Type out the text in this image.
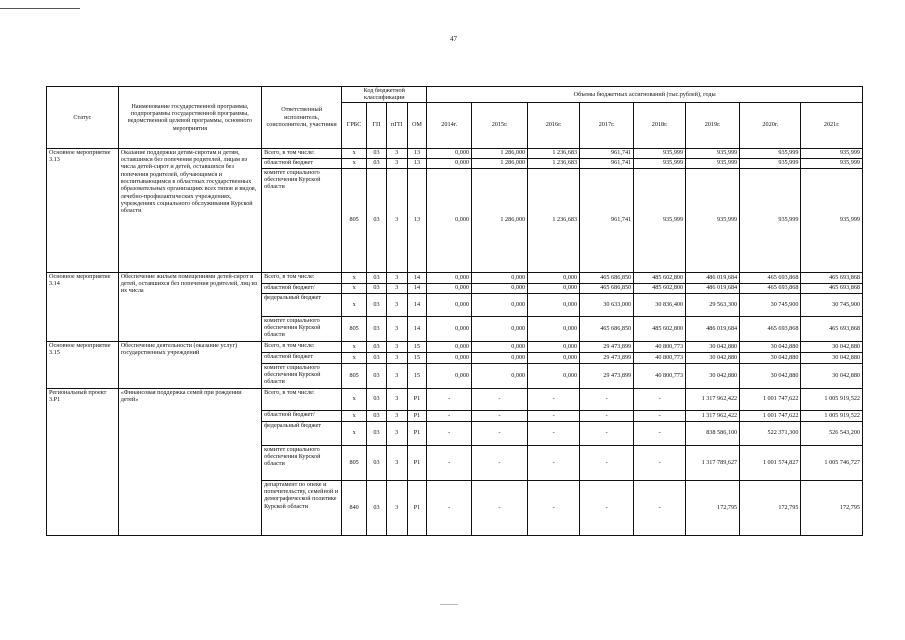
47
Статус	Наименование государственной программы, подпрограммы государственной программы, ведомственной целевой программы, основного мероприятия	Ответственный исполнитель, соисполнители, участники	Код бюджетной классификации				Объемы бюджетных ассигнований (тыс.рублей), годы							
			ГРБС	ГП	пГП	ОМ	2014г.	2015г.	2016г.	2017г.	2018г.	2019г.	2020г.	2021г.
Основное мероприятие 3.13	Оказание поддержки детям-сиротам и детям, оставшимся без попечения родителей, лицам из числа детей-сирот и детей, оставшихся без попечения родителей, обучающимся и воспитывающимся в областных государственных образовательных организациях всех типов и видов, лечебно-профилактических учреждениях, учреждениях социального обслуживания Курской области	Всего, в том числе:	x	03	3	13	0,000	1 286,000	1 236,683	961,741	935,999	935,999	935,999	935,999
		областной бюджет	x	03	3	13	0,000	1 286,000	1 236,683	961,741	935,999	935,999	935,999	935,999
		комитет социального обеспечения Курской области	805	03	3	13	0,000	1 286,000	1 236,683	961,741	935,999	935,999	935,999	935,999
Основное мероприятие 3.14	Обеспечение жильем помещениями детей-сирот и детей, оставшихся без попечения родителей, лиц из их числа	Всего, в том числе:	x	03	3	14	0,000	0,000	0,000	465 686,850	485 602,800	486 019,684	465 693,868	465 693,868
		областной бюджет/	x	03	3	14	0,000	0,000	0,000	465 686,850	485 602,800	486 019,684	465 693,868	465 693,868
		федеральный бюджет	x	03	3	14	0,000	0,000	0,000	30 633,000	30 836,400	29 563,300	30 745,900	30 745,900
		комитет социального обеспечения Курской области	805	03	3	14	0,000	0,000	0,000	465 686,850	485 602,800	486 019,684	465 693,868	465 693,868
Основное мероприятие 3.15	Обеспечение деятельности (оказание услуг) государственных учреждений	Всего, в том числе:	x	03	3	15	0,000	0,000	0,000	29 473,899	40 800,773	30 042,880	30 042,880	30 042,880
		областной бюджет	x	03	3	15	0,000	0,000	0,000	29 473,899	40 800,773	30 042,880	30 042,880	30 042,880
		комитет социального обеспечения Курской области	805	03	3	15	0,000	0,000	0,000	29 473,899	40 800,773	30 042,880	30 042,880	30 042,880
Региональный проект 3.P1	«Финансовая поддержка семей при рождении детей»	Всего, в том числе:	x	03	3	P1	-	-	-	-	-	1 317 962,422	1 001 747,622	1 005 919,522
		областной бюджет/	x	03	3	P1	-	-	-	-	-	1 317 962,422	1 001 747,622	1 005 919,522
		федеральный бюджет	x	03	3	P1	-	-	-	-	-	838 586,100	522 371,300	526 543,200
		комитет социального обеспечения Курской области	805	03	3	P1	-	-	-	-	-	1 317 789,627	1 001 574,827	1 005 746,727
		департамент по опеке и попечительству, семейной и демографической политике Курской области	840	03	3	P1	-	-	-	-	-	172,795	172,795	172,795
